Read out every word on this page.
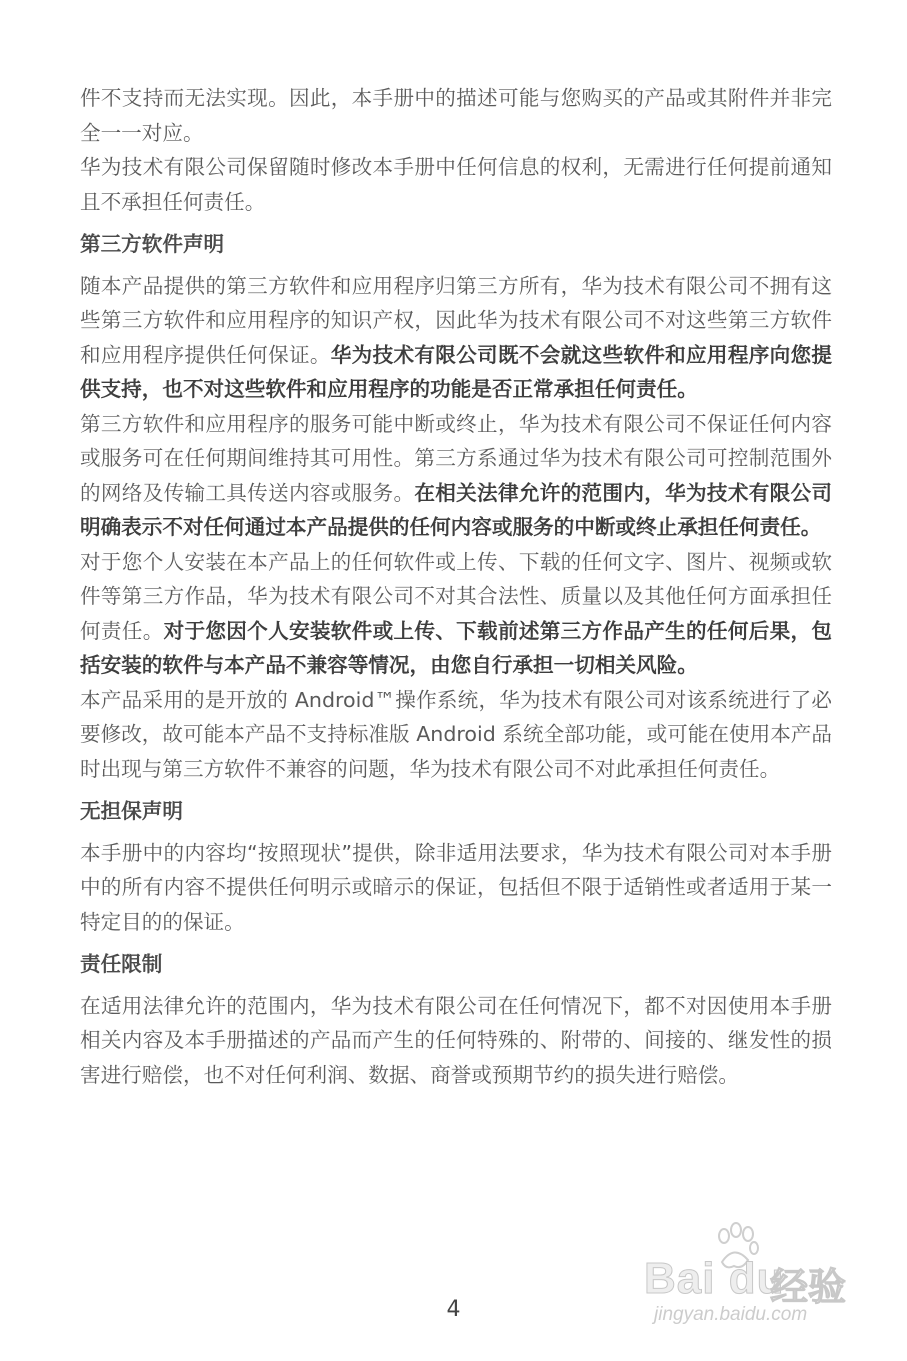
件不支持而无法实现。因此，本手册中的描述可能与您购买的产品或其附件并非完全一一对应。

华为技术有限公司保留随时修改本手册中任何信息的权利，无需进行任何提前通知且不承担任何责任。

第三方软件声明

随本产品提供的第三方软件和应用程序归第三方所有，华为技术有限公司不拥有这些第三方软件和应用程序的知识产权，因此华为技术有限公司不对这些第三方软件和应用程序提供任何保证。华为技术有限公司既不会就这些软件和应用程序向您提供支持，也不对这些软件和应用程序的功能是否正常承担任何责任。

第三方软件和应用程序的服务可能中断或终止，华为技术有限公司不保证任何内容或服务可在任何期间维持其可用性。第三方系通过华为技术有限公司可控制范围外的网络及传输工具传送内容或服务。在相关法律允许的范围内，华为技术有限公司明确表示不对任何通过本产品提供的任何内容或服务的中断或终止承担任何责任。

对于您个人安装在本产品上的任何软件或上传、下载的任何文字、图片、视频或软件等第三方作品，华为技术有限公司不对其合法性、质量以及其他任何方面承担任何责任。对于您因个人安装软件或上传、下载前述第三方作品产生的任何后果，包括安装的软件与本产品不兼容等情况，由您自行承担一切相关风险。

本产品采用的是开放的 Android™操作系统，华为技术有限公司对该系统进行了必要修改，故可能本产品不支持标准版 Android 系统全部功能，或可能在使用本产品时出现与第三方软件不兼容的问题，华为技术有限公司不对此承担任何责任。

无担保声明

本手册中的内容均“按照现状”提供，除非适用法要求，华为技术有限公司对本手册中的所有内容不提供任何明示或暗示的保证，包括但不限于适销性或者适用于某一特定目的的保证。

责任限制

在适用法律允许的范围内，华为技术有限公司在任何情况下，都不对因使用本手册相关内容及本手册描述的产品而产生的任何特殊的、附带的、间接的、继发性的损害进行赔偿，也不对任何利润、数据、商誉或预期节约的损失进行赔偿。

4
Bai du
经验
jingyan.baidu.com
